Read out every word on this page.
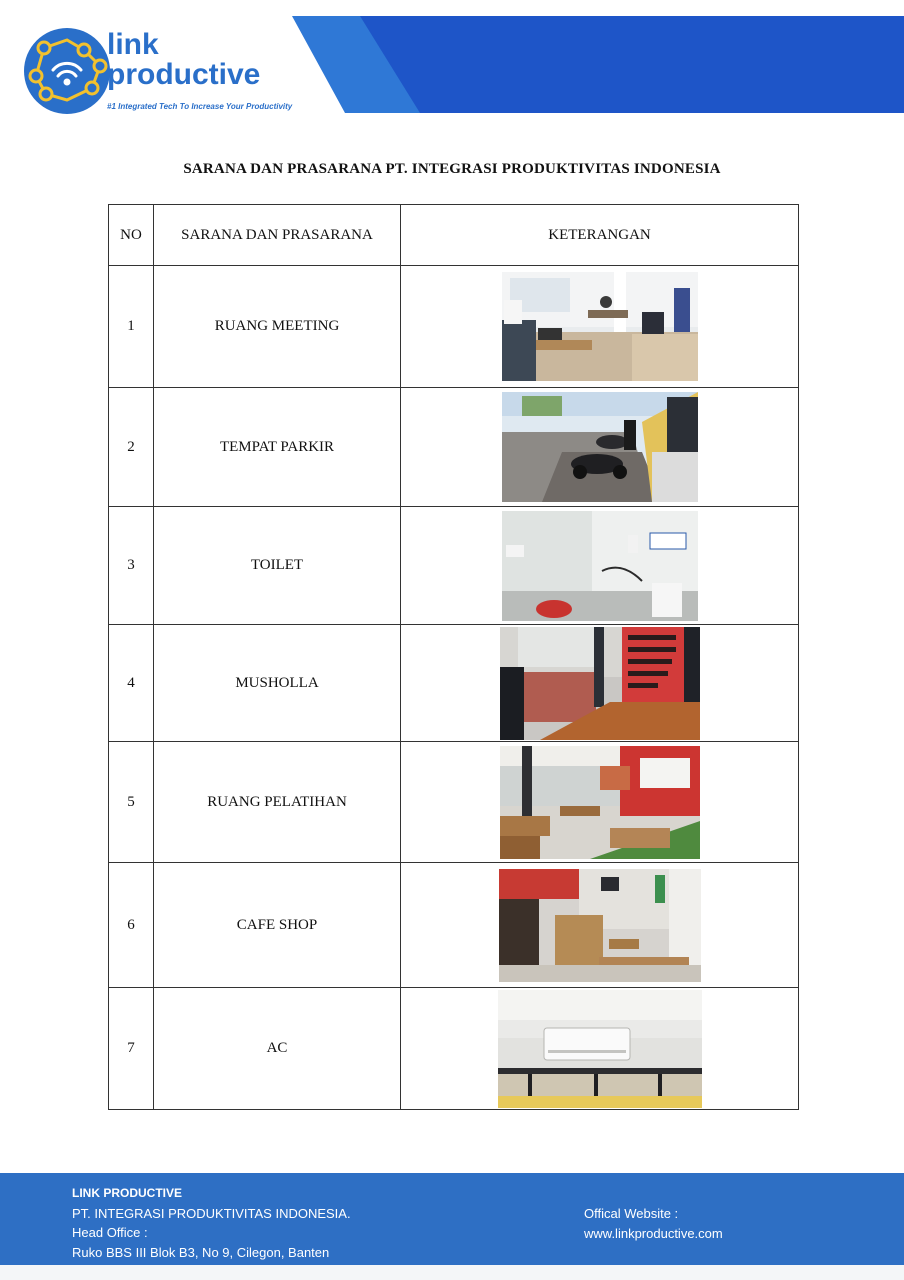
link
productive
#1 Integrated Tech To Increase Your Productivity
SARANA DAN PRASARANA PT. INTEGRASI PRODUKTIVITAS INDONESIA
NO	SARANA DAN PRASARANA	KETERANGAN
1	RUANG MEETING	

2	TEMPAT PARKIR	

3	TOILET	

4	MUSHOLLA	

5	RUANG PELATIHAN	

6	CAFE SHOP	

7	AC	
LINK PRODUCTIVE
PT. INTEGRASI PRODUKTIVITAS INDONESIA.
Head Office :
Ruko BBS III Blok B3, No 9, Cilegon, Banten
Offical Website :
www.linkproductive.com
